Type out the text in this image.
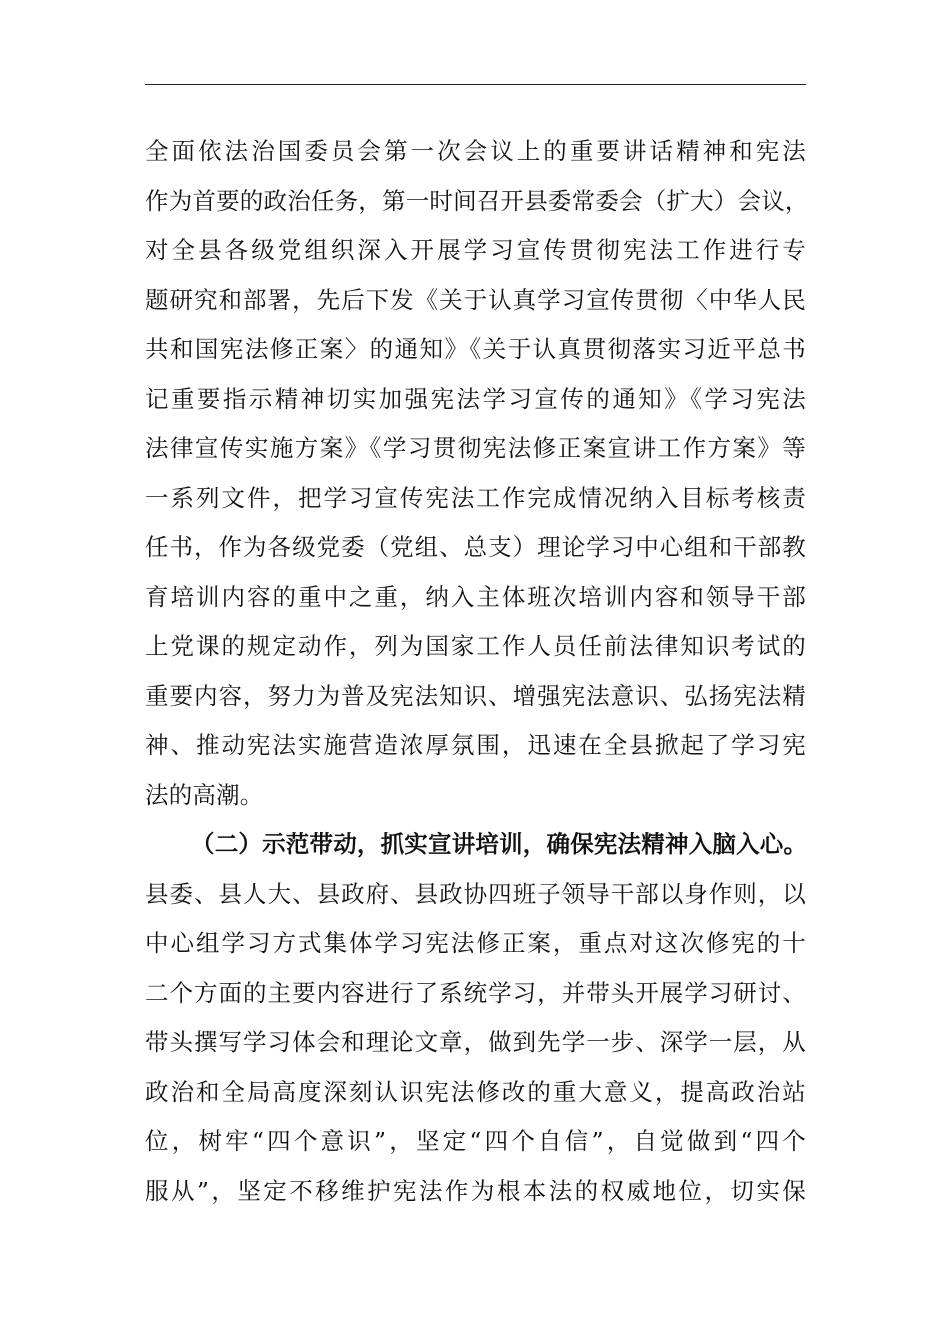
全面依法治国委员会第一次会议上的重要讲话精神和宪法
作为首要的政治任务，第一时间召开县委常委会（扩大）会议，
对全县各级党组织深入开展学习宣传贯彻宪法工作进行专
题研究和部署，先后下发《关于认真学习宣传贯彻〈中华人民
共和国宪法修正案〉的通知》《关于认真贯彻落实习近平总书
记重要指示精神切实加强宪法学习宣传的通知》《学习宪法
法律宣传实施方案》《学习贯彻宪法修正案宣讲工作方案》等
一系列文件，把学习宣传宪法工作完成情况纳入目标考核责
任书，作为各级党委（党组、总支）理论学习中心组和干部教
育培训内容的重中之重，纳入主体班次培训内容和领导干部
上党课的规定动作，列为国家工作人员任前法律知识考试的
重要内容，努力为普及宪法知识、增强宪法意识、弘扬宪法精
神、推动宪法实施营造浓厚氛围，迅速在全县掀起了学习宪
法的高潮。
（二）示范带动，抓实宣讲培训，确保宪法精神入脑入心。
县委、县人大、县政府、县政协四班子领导干部以身作则，以
中心组学习方式集体学习宪法修正案，重点对这次修宪的十
二个方面的主要内容进行了系统学习，并带头开展学习研讨、
带头撰写学习体会和理论文章，做到先学一步、深学一层，从
政治和全局高度深刻认识宪法修改的重大意义，提高政治站
位，树牢“四个意识”，坚定“四个自信”，自觉做到“四个
服从”，坚定不移维护宪法作为根本法的权威地位，切实保
